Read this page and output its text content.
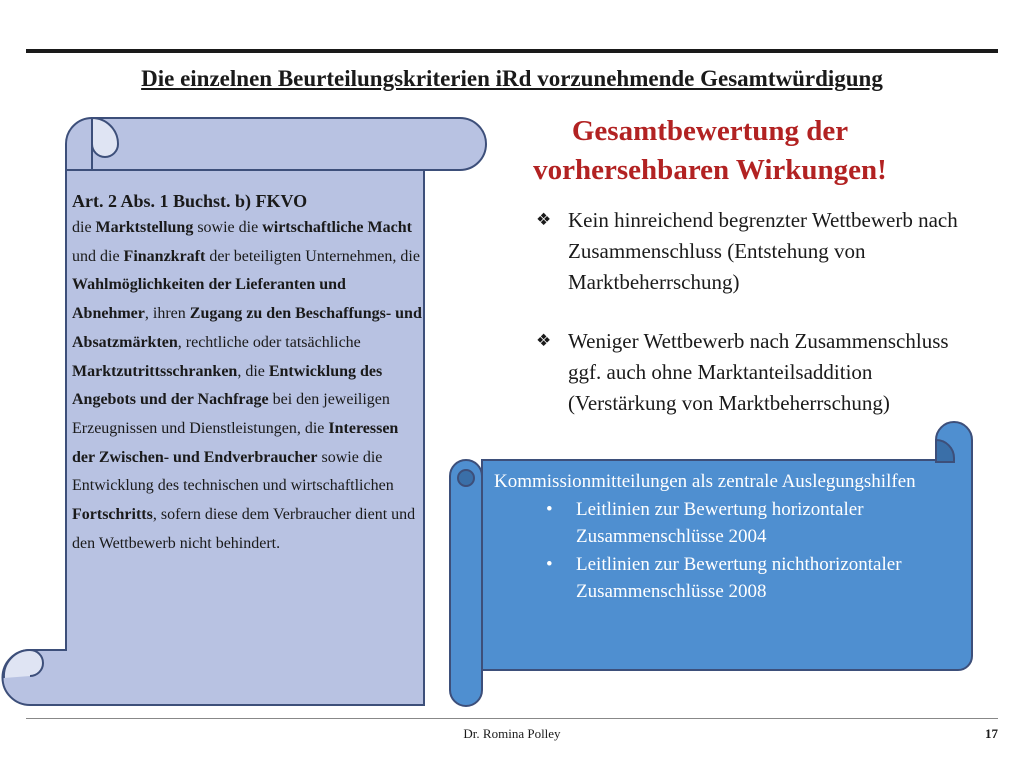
Die einzelnen Beurteilungskriterien iRd vorzunehmende Gesamtwürdigung
Art. 2 Abs. 1 Buchst. b) FKVO
die Marktstellung sowie die wirtschaftliche Macht und die Finanzkraft der beteiligten Unternehmen, die Wahlmöglichkeiten der Lieferanten und Abnehmer, ihren Zugang zu den Beschaffungs- und Absatzmärkten, rechtliche oder tatsächliche Marktzutrittsschranken, die Entwicklung des Angebots und der Nachfrage bei den jeweiligen Erzeugnissen und Dienstleistungen, die Interessen der Zwischen- und Endverbraucher sowie die Entwicklung des technischen und wirtschaftlichen Fortschritts, sofern diese dem Verbraucher dient und den Wettbewerb nicht behindert.
Gesamtbewertung der
vorhersehbaren Wirkungen!
❖ Kein hinreichend begrenzter Wettbewerb nach Zusammenschluss (Entstehung von Marktbeherrschung)
❖ Weniger Wettbewerb nach Zusammenschluss ggf. auch ohne Marktanteilsaddition (Verstärkung von Marktbeherrschung)
Kommissionmitteilungen als zentrale Auslegungshilfen
• Leitlinien zur Bewertung horizontaler Zusammenschlüsse 2004
• Leitlinien zur Bewertung nichthorizontaler Zusammenschlüsse 2008
Dr. Romina Polley	17
